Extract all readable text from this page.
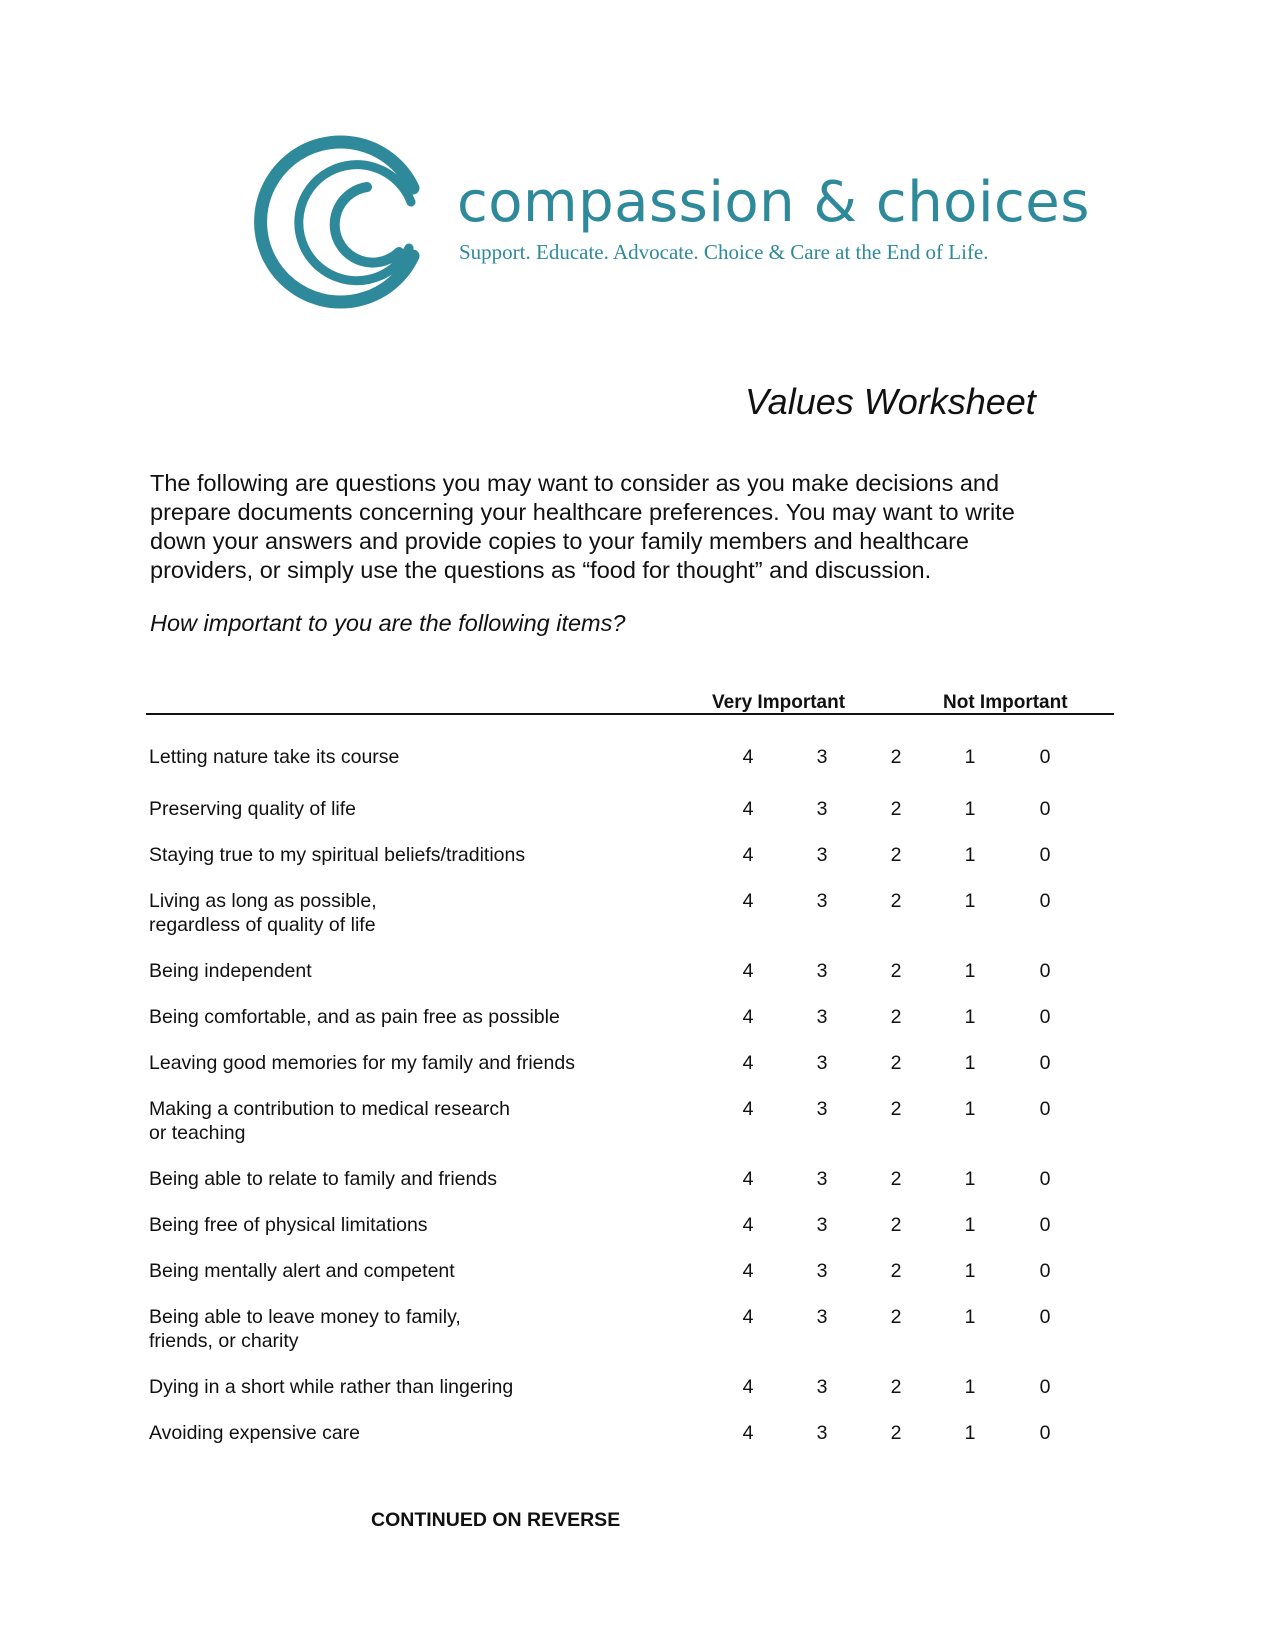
compassion & choices
Support. Educate. Advocate. Choice & Care at the End of Life.
Values Worksheet
The following are questions you may want to consider as you make decisions and
prepare documents concerning your healthcare preferences. You may want to write
down your answers and provide copies to your family members and healthcare
providers, or simply use the questions as “food for thought” and discussion.
How important to you are the following items?
Very Important	Not Important
Letting nature take its course	4	3	2	1	0
Preserving quality of life	4	3	2	1	0
Staying true to my spiritual beliefs/traditions	4	3	2	1	0
Living as long as possible,
regardless of quality of life
4	3	2	1	0
Being independent	4	3	2	1	0
Being comfortable, and as pain free as possible	4	3	2	1	0
Leaving good memories for my family and friends	4	3	2	1	0
Making a contribution to medical research
or teaching
4	3	2	1	0
Being able to relate to family and friends	4	3	2	1	0
Being free of physical limitations	4	3	2	1	0
Being mentally alert and competent	4	3	2	1	0
Being able to leave money to family,
friends, or charity
4	3	2	1	0
Dying in a short while rather than lingering	4	3	2	1	0
Avoiding expensive care	4	3	2	1	0
CONTINUED ON REVERSE
